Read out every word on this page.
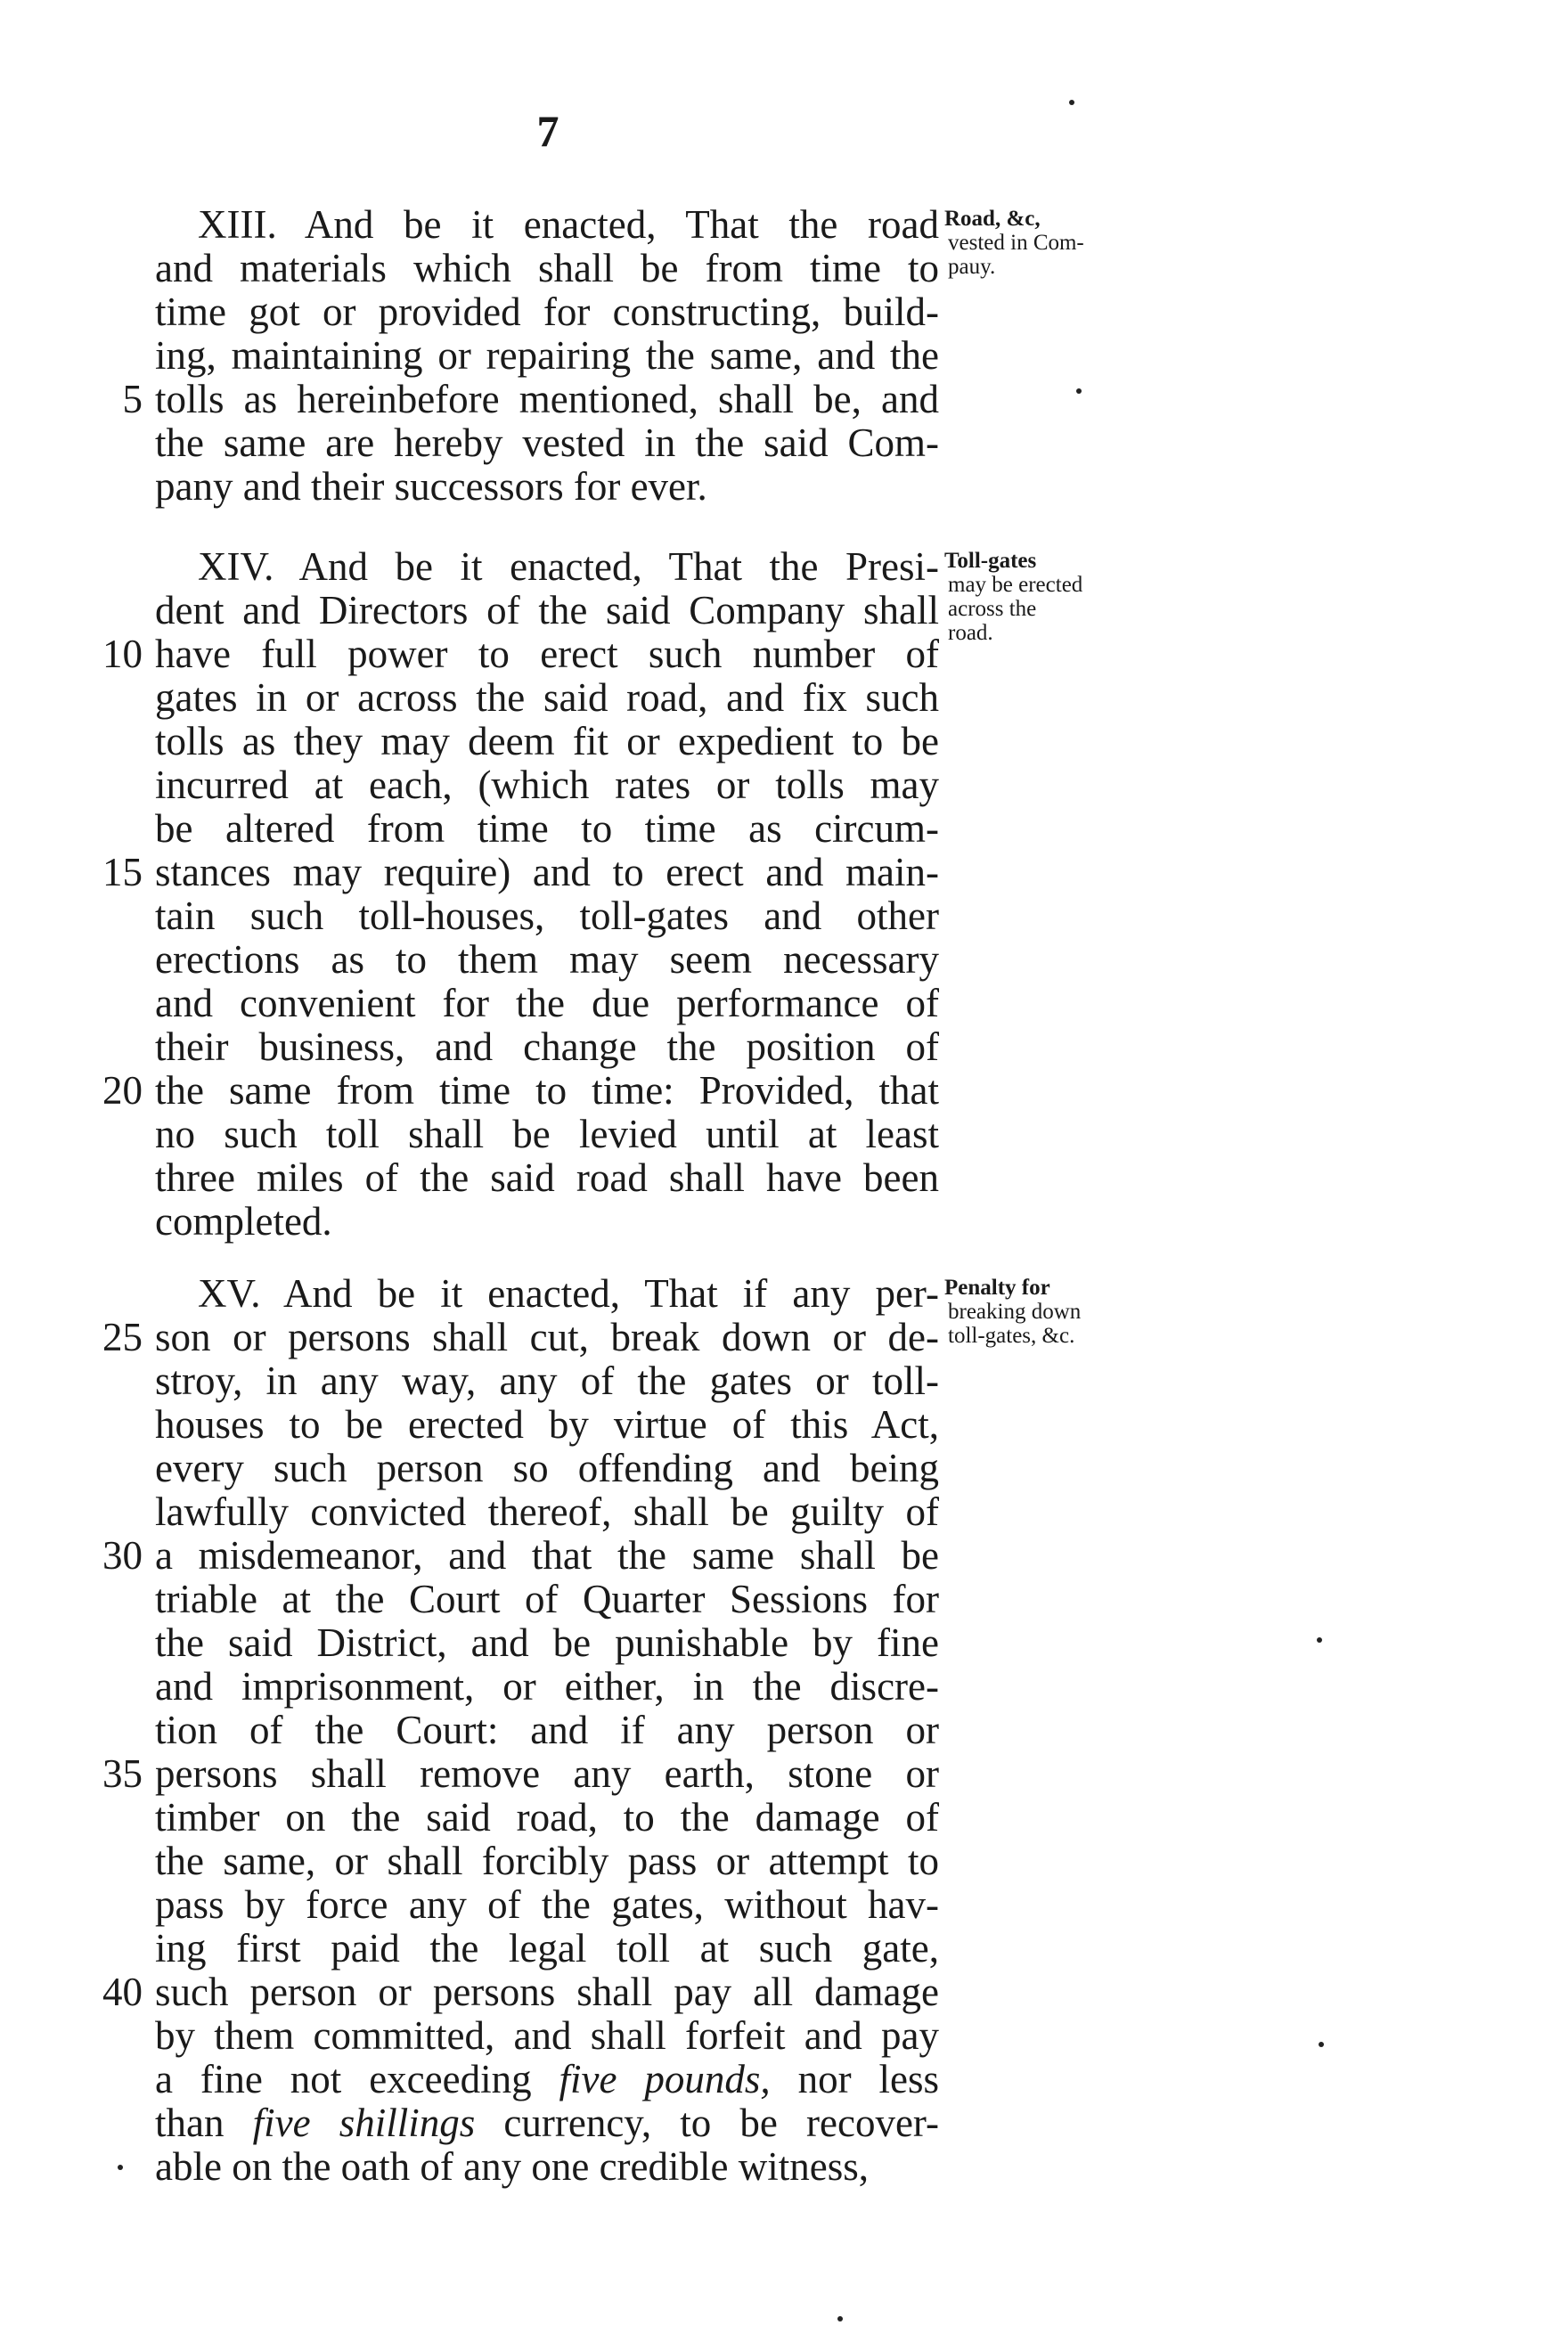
7
XIII. And be it enacted, That the road
and materials which shall be from time to
time got or provided for constructing, build-
ing, maintaining or repairing the same, and the
5 tolls as hereinbefore mentioned, shall be, and
the same are hereby vested in the said Com-
pany and their successors for ever.
Road, &c,
vested in Com-
pauy.
XIV. And be it enacted, That the Presi-
dent and Directors of the said Company shall
10 have full power to erect such number of
gates in or across the said road, and fix such
tolls as they may deem fit or expedient to be
incurred at each, (which rates or tolls may
be altered from time to time as circum-
15 stances may require) and to erect and main-
tain such toll-houses, toll-gates and other
erections as to them may seem necessary
and convenient for the due performance of
their business, and change the position of
20 the same from time to time: Provided, that
no such toll shall be levied until at least
three miles of the said road shall have been
completed.
Toll-gates
may be erected
across the
road.
XV. And be it enacted, That if any per-
25 son or persons shall cut, break down or de-
stroy, in any way, any of the gates or toll-
houses to be erected by virtue of this Act,
every such person so offending and being
lawfully convicted thereof, shall be guilty of
30 a misdemeanor, and that the same shall be
triable at the Court of Quarter Sessions for
the said District, and be punishable by fine
and imprisonment, or either, in the discre-
tion of the Court: and if any person or
35 persons shall remove any earth, stone or
timber on the said road, to the damage of
the same, or shall forcibly pass or attempt to
pass by force any of the gates, without hav-
ing first paid the legal toll at such gate,
40 such person or persons shall pay all damage
by them committed, and shall forfeit and pay
a fine not exceeding five pounds, nor less
than five shillings currency, to be recover-
able on the oath of any one credible witness,
Penalty for
breaking down
toll-gates, &c.
